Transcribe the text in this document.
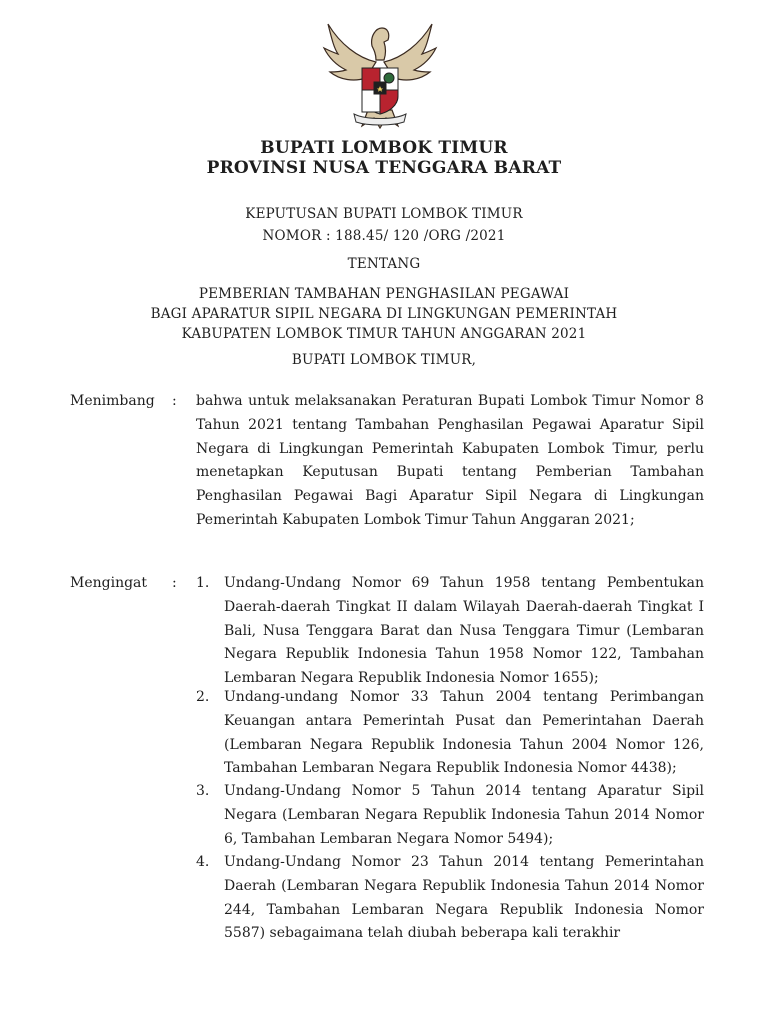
BUPATI LOMBOK TIMUR
PROVINSI NUSA TENGGARA BARAT
KEPUTUSAN BUPATI LOMBOK TIMUR
NOMOR : 188.45/ 120 /ORG /2021
TENTANG
PEMBERIAN TAMBAHAN PENGHASILAN PEGAWAI
BAGI APARATUR SIPIL NEGARA DI LINGKUNGAN PEMERINTAH
KABUPATEN LOMBOK TIMUR TAHUN ANGGARAN 2021
BUPATI LOMBOK TIMUR,
Menimbang : bahwa untuk melaksanakan Peraturan Bupati Lombok Timur Nomor 8 Tahun 2021 tentang Tambahan Penghasilan Pegawai Aparatur Sipil Negara di Lingkungan Pemerintah Kabupaten Lombok Timur, perlu menetapkan Keputusan Bupati tentang Pemberian Tambahan Penghasilan Pegawai Bagi Aparatur Sipil Negara di Lingkungan Pemerintah Kabupaten Lombok Timur Tahun Anggaran 2021;
Mengingat : 1.	Undang-Undang Nomor 69 Tahun 1958 tentang Pembentukan Daerah-daerah Tingkat II dalam Wilayah Daerah-daerah Tingkat I Bali, Nusa Tenggara Barat dan Nusa Tenggara Timur (Lembaran Negara Republik Indonesia Tahun 1958 Nomor 122, Tambahan Lembaran Negara Republik Indonesia Nomor 1655);
2.	Undang-undang Nomor 33 Tahun 2004 tentang Perimbangan Keuangan antara Pemerintah Pusat dan Pemerintahan Daerah (Lembaran Negara Republik Indonesia Tahun 2004 Nomor 126, Tambahan Lembaran Negara Republik Indonesia Nomor 4438);
3.	Undang-Undang Nomor 5 Tahun 2014 tentang Aparatur Sipil Negara (Lembaran Negara Republik Indonesia Tahun 2014 Nomor 6, Tambahan Lembaran Negara Nomor 5494);
4.	Undang-Undang Nomor 23 Tahun 2014 tentang Pemerintahan Daerah (Lembaran Negara Republik Indonesia Tahun 2014 Nomor 244, Tambahan Lembaran Negara Republik Indonesia Nomor 5587) sebagaimana telah diubah beberapa kali terakhir
